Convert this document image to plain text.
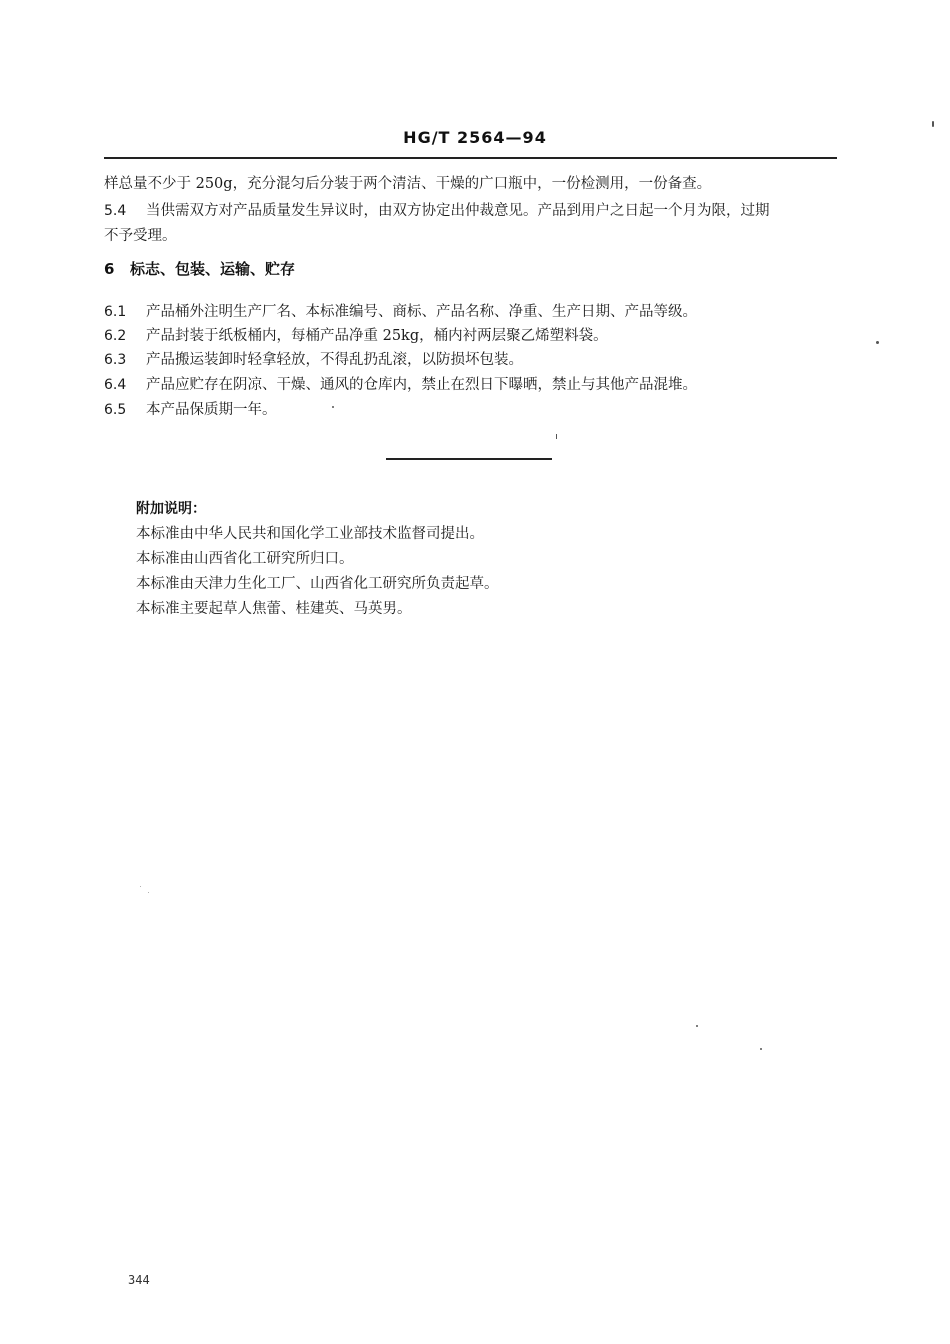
HG/T 2564—94
样总量不少于 250g，充分混匀后分装于两个清洁、干燥的广口瓶中，一份检测用，一份备查。
5.4 当供需双方对产品质量发生异议时，由双方协定出仲裁意见。产品到用户之日起一个月为限，过期
不予受理。
6 标志、包装、运输、贮存
6.1 产品桶外注明生产厂名、本标准编号、商标、产品名称、净重、生产日期、产品等级。
6.2 产品封装于纸板桶内，每桶产品净重 25kg，桶内衬两层聚乙烯塑料袋。
6.3 产品搬运装卸时轻拿轻放，不得乱扔乱滚，以防损坏包装。
6.4 产品应贮存在阴凉、干燥、通风的仓库内，禁止在烈日下曝晒，禁止与其他产品混堆。
6.5 本产品保质期一年。
附加说明：
本标准由中华人民共和国化学工业部技术监督司提出。
本标准由山西省化工研究所归口。
本标准由天津力生化工厂、山西省化工研究所负责起草。
本标准主要起草人焦蕾、桂建英、马英男。
344
